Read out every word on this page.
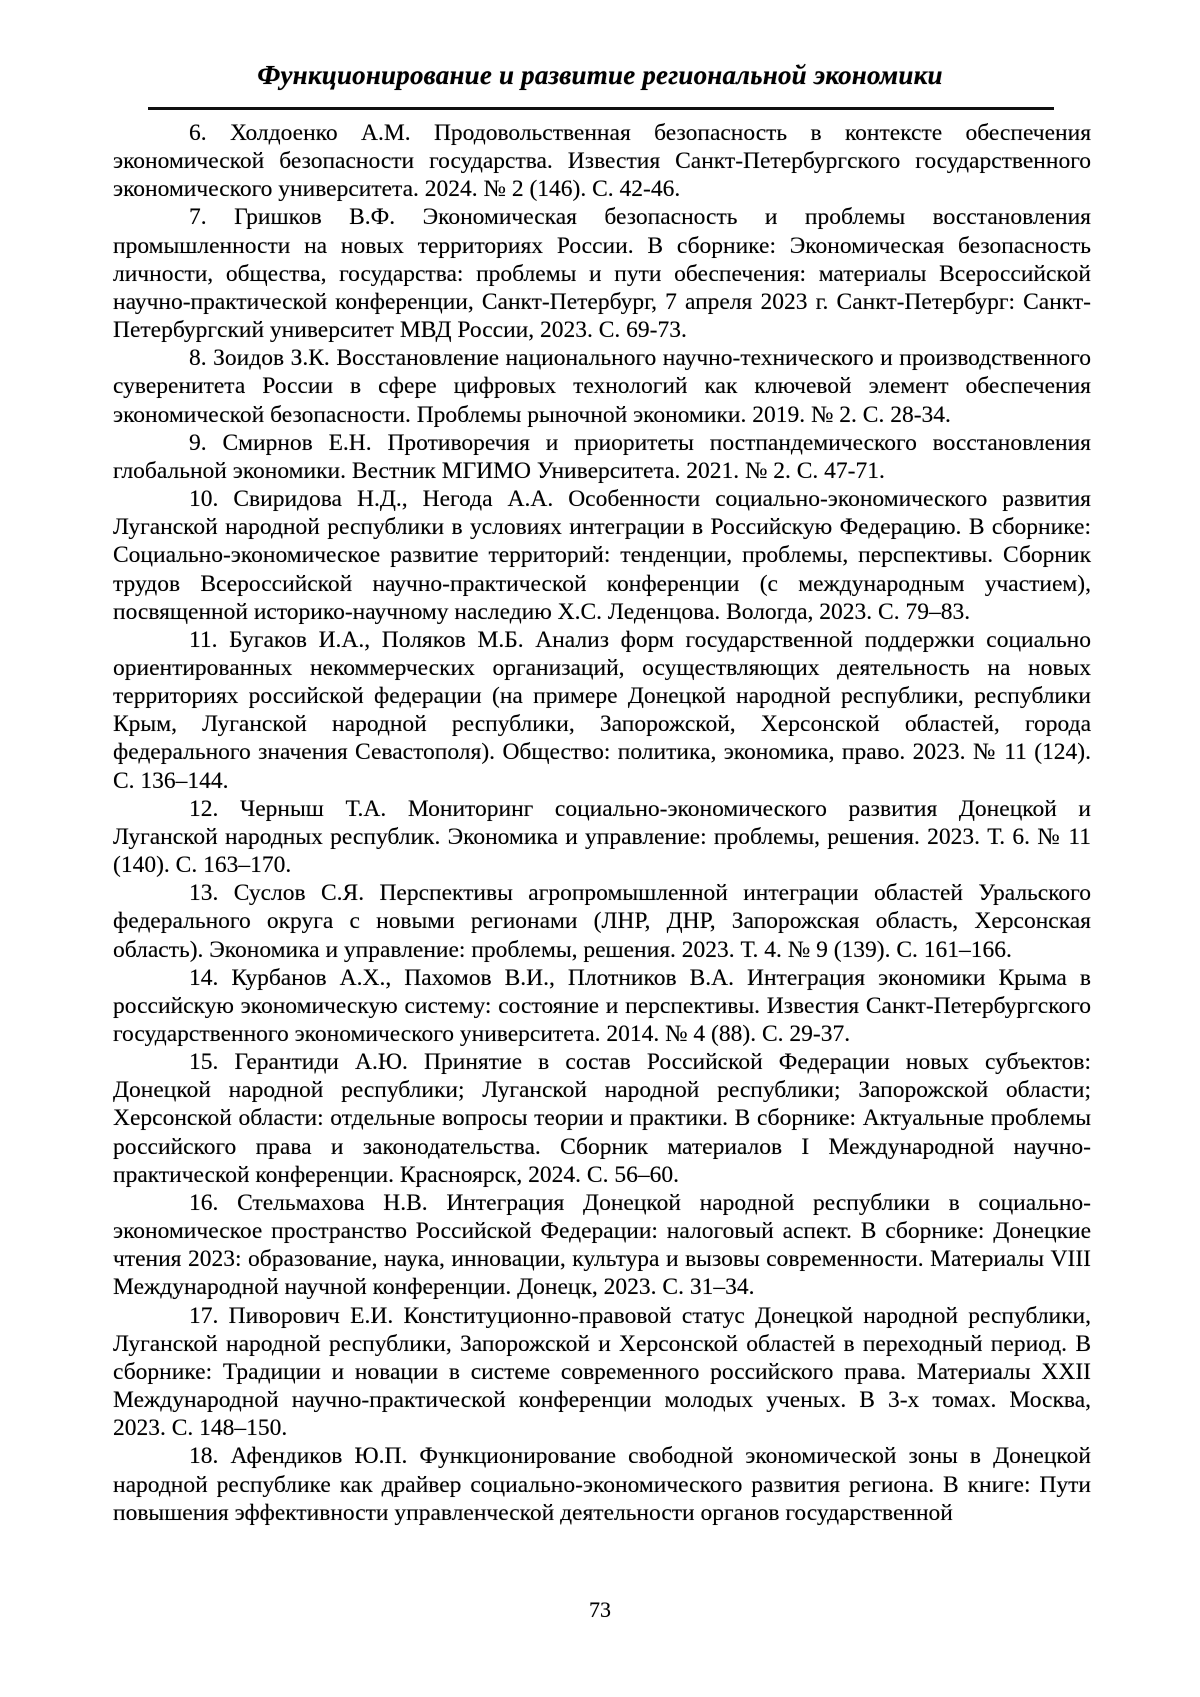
Функционирование и развитие региональной экономики

6. Холдоенко А.М. Продовольственная безопасность в контексте обеспечения экономической безопасности государства. Известия Санкт-Петербургского государственного экономического университета. 2024. № 2 (146). С. 42-46.

7. Гришков В.Ф. Экономическая безопасность и проблемы восстановления промышленности на новых территориях России. В сборнике: Экономическая безопасность личности, общества, государства: проблемы и пути обеспечения: материалы Всероссийской научно-практической конференции, Санкт-Петербург, 7 апреля 2023 г. Санкт-Петербург: Санкт-Петербургский университет МВД России, 2023. С. 69-73.

8. Зоидов З.К. Восстановление национального научно-технического и производственного суверенитета России в сфере цифровых технологий как ключевой элемент обеспечения экономической безопасности. Проблемы рыночной экономики. 2019. № 2. С. 28-34.

9. Смирнов Е.Н. Противоречия и приоритеты постпандемического восстановления глобальной экономики. Вестник МГИМО Университета. 2021. № 2. С. 47-71.

10. Свиридова Н.Д., Негода А.А. Особенности социально-экономического развития Луганской народной республики в условиях интеграции в Российскую Федерацию. В сборнике: Социально-экономическое развитие территорий: тенденции, проблемы, перспективы. Сборник трудов Всероссийской научно-практической конференции (с международным участием), посвященной историко-научному наследию Х.С. Леденцова. Вологда, 2023. С. 79–83.

11. Бугаков И.А., Поляков М.Б. Анализ форм государственной поддержки социально ориентированных некоммерческих организаций, осуществляющих деятельность на новых территориях российской федерации (на примере Донецкой народной республики, республики Крым, Луганской народной республики, Запорожской, Херсонской областей, города федерального значения Севастополя). Общество: политика, экономика, право. 2023. № 11 (124). С. 136–144.

12. Черныш Т.А. Мониторинг социально-экономического развития Донецкой и Луганской народных республик. Экономика и управление: проблемы, решения. 2023. Т. 6. № 11 (140). С. 163–170.

13. Суслов С.Я. Перспективы агропромышленной интеграции областей Уральского федерального округа с новыми регионами (ЛНР, ДНР, Запорожская область, Херсонская область). Экономика и управление: проблемы, решения. 2023. Т. 4. № 9 (139). С. 161–166.

14. Курбанов А.Х., Пахомов В.И., Плотников В.А. Интеграция экономики Крыма в российскую экономическую систему: состояние и перспективы. Известия Санкт-Петербургского государственного экономического университета. 2014. № 4 (88). С. 29-37.

15. Герантиди А.Ю. Принятие в состав Российской Федерации новых субъектов: Донецкой народной республики; Луганской народной республики; Запорожской области; Херсонской области: отдельные вопросы теории и практики. В сборнике: Актуальные проблемы российского права и законодательства. Сборник материалов I Международной научно-практической конференции. Красноярск, 2024. С. 56–60.

16. Стельмахова Н.В. Интеграция Донецкой народной республики в социально-экономическое пространство Российской Федерации: налоговый аспект. В сборнике: Донецкие чтения 2023: образование, наука, инновации, культура и вызовы современности. Материалы VIII Международной научной конференции. Донецк, 2023. С. 31–34.

17. Пиворович Е.И. Конституционно-правовой статус Донецкой народной республики, Луганской народной республики, Запорожской и Херсонской областей в переходный период. В сборнике: Традиции и новации в системе современного российского права. Материалы XXII Международной научно-практической конференции молодых ученых. В 3-х томах. Москва, 2023. С. 148–150.

18. Афендиков Ю.П. Функционирование свободной экономической зоны в Донецкой народной республике как драйвер социально-экономического развития региона. В книге: Пути повышения эффективности управленческой деятельности органов государственной

73
